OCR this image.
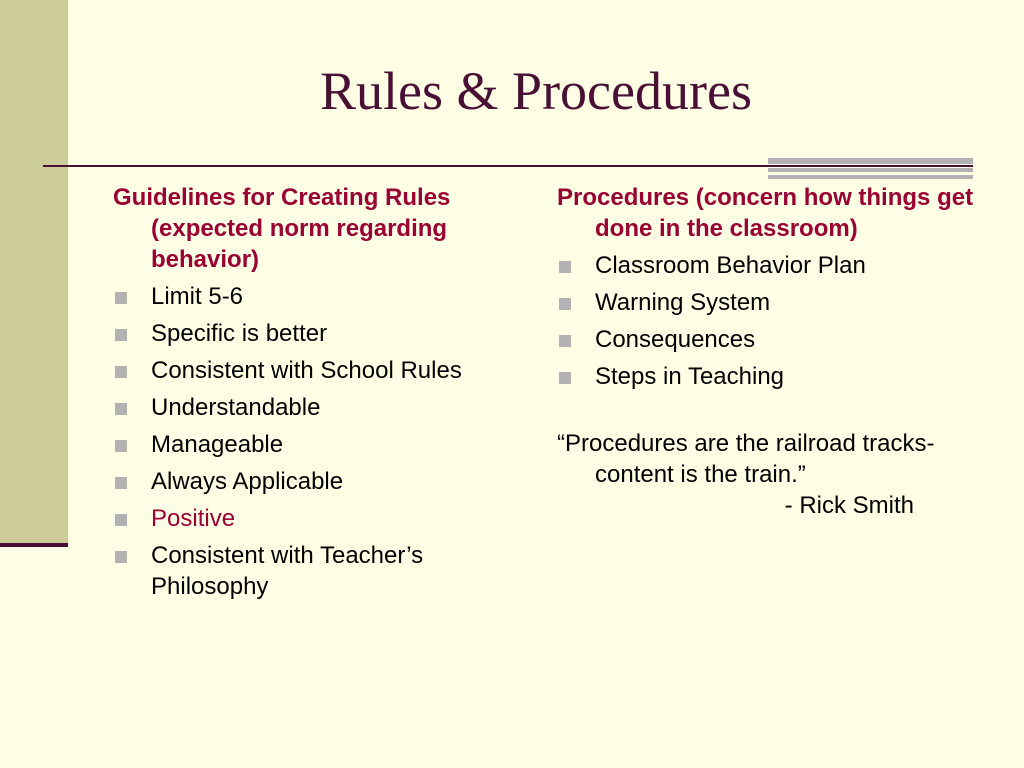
Rules & Procedures
Guidelines for Creating Rules (expected norm regarding behavior)
Limit 5-6
Specific is better
Consistent with School Rules
Understandable
Manageable
Always Applicable
Positive
Consistent with Teacher’s Philosophy
Procedures (concern how things get done in the classroom)
Classroom Behavior Plan
Warning System
Consequences
Steps in Teaching
“Procedures are the railroad tracks- content is the train.”
- Rick Smith
